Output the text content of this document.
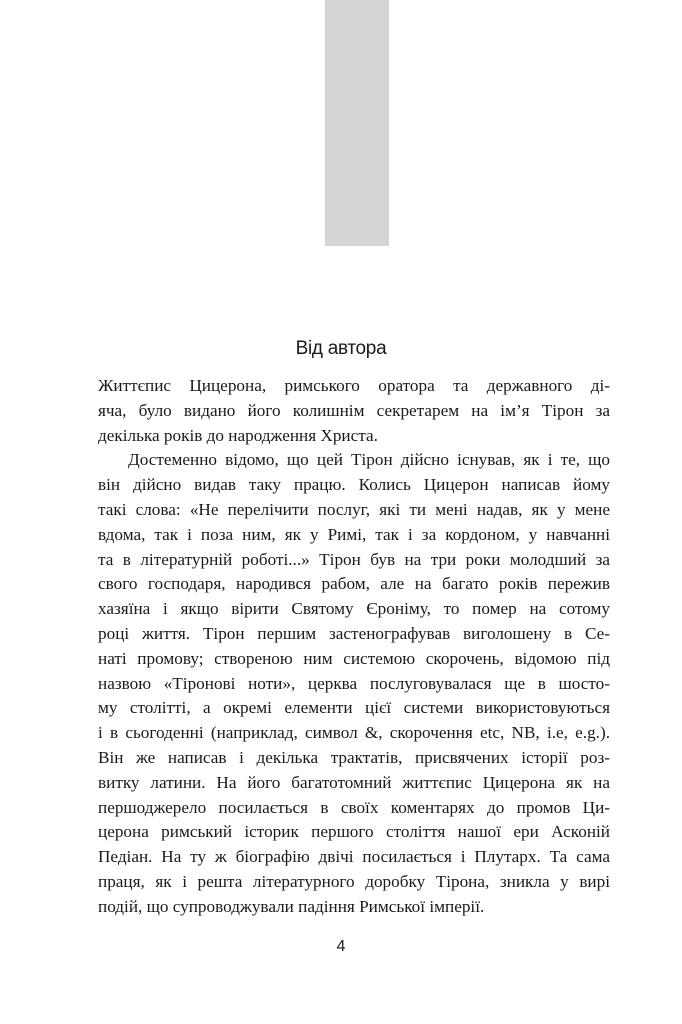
Від автора
Життєпис Цицерона, римського оратора та державного ді-
яча, було видано його колишнім секретарем на ім’я Тірон за
декілька років до народження Христа.
Достеменно відомо, що цей Тірон дійсно існував, як і те, що
він дійсно видав таку працю. Колись Цицерон написав йому
такі слова: «Не перелічити послуг, які ти мені надав, як у мене
вдома, так і поза ним, як у Римі, так і за кордоном, у навчанні
та в літературній роботі...» Тірон був на три роки молодший за
свого господаря, народився рабом, але на багато років пережив
хазяїна і якщо вірити Святому Єроніму, то помер на сотому
році життя. Тірон першим застенографував виголошену в Се-
наті промову; створеною ним системою скорочень, відомою під
назвою «Тіронові ноти», церква послуговувалася ще в шосто-
му столітті, а окремі елементи цієї системи використовуються
і в сьогоденні (наприклад, символ &, скорочення etc, NB, i.e, e.g.).
Він же написав і декілька трактатів, присвячених історії роз-
витку латини. На його багатотомний життєпис Цицерона як на
першоджерело посилається в своїх коментарях до промов Ци-
церона римський історик першого століття нашої ери Асконій
Педіан. На ту ж біографію двічі посилається і Плутарх. Та сама
праця, як і решта літературного доробку Тірона, зникла у вирі
подій, що супроводжували падіння Римської імперії.
4
